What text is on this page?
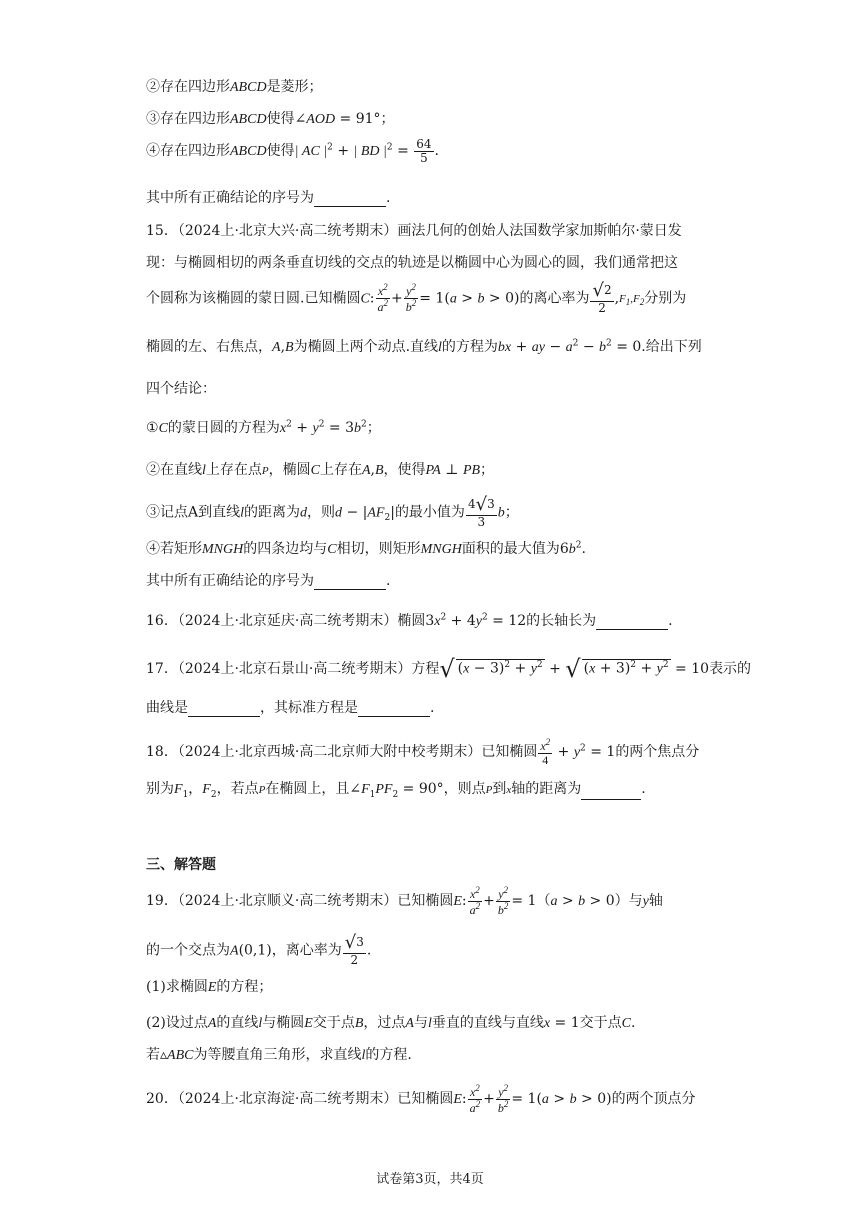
②存在四边形ABCD是菱形；
③存在四边形ABCD使得∠AOD = 91°；
④存在四边形ABCD使得| AC $|^2$ + | BD $|^2 = \frac{64}{5}$ .
其中所有正确结论的序号为	.
15．（2024上·北京大兴·高二统考期末）画法几何的创始人法国数学家加斯帕尔·蒙日发
现：与椭圆相切的两条垂直切线的交点的轨迹是以椭圆中心为圆心的圆，我们通常把这
个圆称为该椭圆的蒙日圆.已知椭圆C: $\frac{x^2}{a^2} + \frac{y^2}{b^2} = 1(a > b > 0)$的离心率为 $\frac{√2}{2} ,F_1,F_2$分别为
椭圆的左、右焦点，A,B为椭圆上两个动点.直线l的方程为bx + ay − $a^2 - b^2 = 0$.给出下列
四个结论：
①C的蒙日圆的方程为$x^2 + y^2 = 3b^2$；
②在直线l上存在点P，椭圆C上存在A,B，使得PA ⊥ PB；
③记点A到直线l的距离为d，则$d - |AF_2|$的最小值为 $\frac{4√3}{3}$ b；
④若矩形MNGH的四条边均与C相切，则矩形MNGH面积的最大值为$6b^2$.
其中所有正确结论的序号为	.
16．（2024上·北京延庆·高二统考期末）椭圆$3x^2 + 4y^2 = 12$的长轴长为	.
17．（2024上·北京石景山·高二统考期末）方程√ $(x - 3)^2 + y^2$ + √ $(x + 3)^2 + y^2 = 10$表示的
曲线是	，其标准方程是	.
18．（2024上·北京西城·高二北京师大附中校考期末）已知椭圆 $\frac{x^2}{4} + y^2 = 1$的两个焦点分
别为$F_1$，$F_2$，若点P在椭圆上，且$\angle F_1PF_2 = 90^\circ$，则点P到x轴的距离为	.
三、解答题
19．（2024上·北京顺义·高二统考期末）已知椭圆E: $\frac{x^2}{a^2} + \frac{y^2}{b^2} = 1(a > b > 0)$与y轴
的一个交点为A(0,1)，离心率为 $\frac{√3}{2}$ .
(1)求椭圆E的方程；
(2)设过点A的直线l与椭圆E交于点B，过点A与l垂直的直线与直线x = 1交于点C.
若▵ABC为等腰直角三角形，求直线l的方程.
20．（2024上·北京海淀·高二统考期末）已知椭圆E: $\frac{x^2}{a^2} + \frac{y^2}{b^2} = 1(a > b > 0)$的两个顶点分
试卷第3页，共4页
